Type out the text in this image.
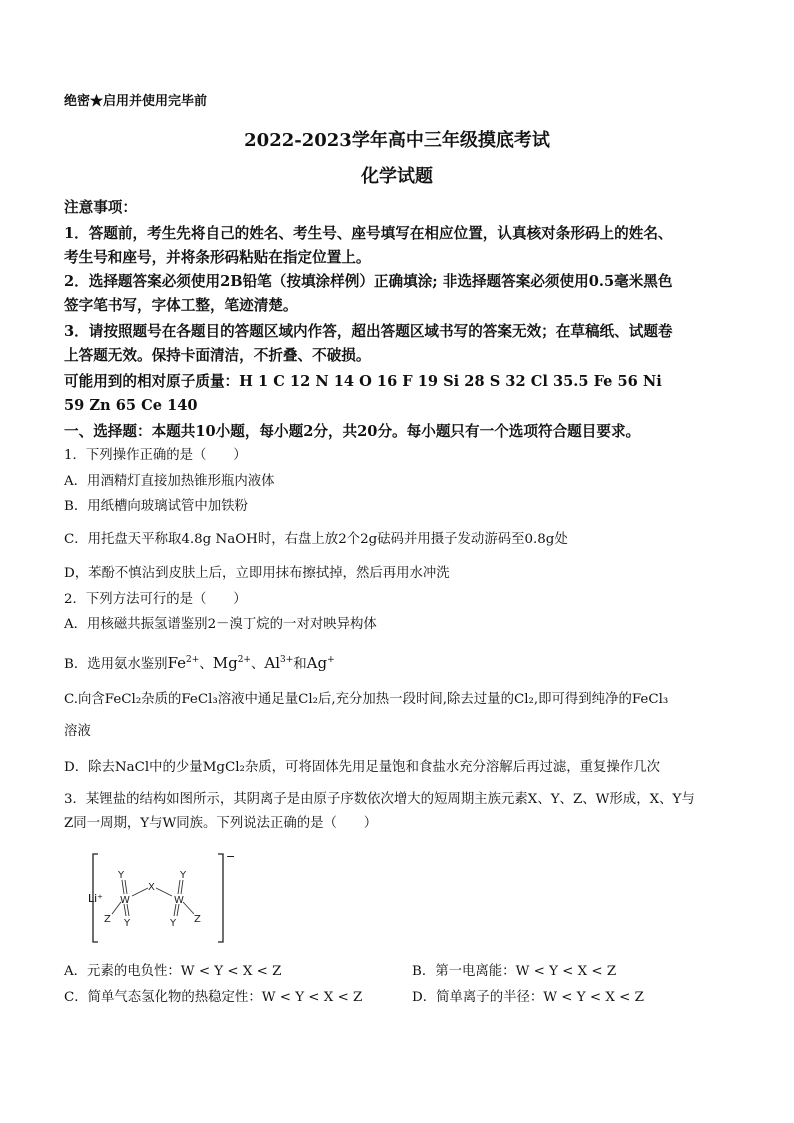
绝密★启用并使用完毕前
2022-2023学年高中三年级摸底考试
化学试题
注意事项：
1．答题前，考生先将自己的姓名、考生号、座号填写在相应位置，认真核对条形码上的姓名、
考生号和座号，并将条形码粘贴在指定位置上。
2．选择题答案必须使用2B铅笔（按填涂样例）正确填涂; 非选择题答案必须使用0.5毫米黑色
签字笔书写，字体工整，笔迹清楚。
3．请按照题号在各题目的答题区域内作答，超出答题区域书写的答案无效；在草稿纸、试题卷
上答题无效。保持卡面清洁，不折叠、不破损。
可能用到的相对原子质量：H 1 C 12 N 14 O 16 F 19 Si 28 S 32 Cl 35.5 Fe 56 Ni
59 Zn 65 Ce 140
一、选择题：本题共10小题，每小题2分，共20分。每小题只有一个选项符合题目要求。
1．下列操作正确的是（　　）
A．用酒精灯直接加热锥形瓶内液体
B．用纸槽向玻璃试管中加铁粉
C．用托盘天平称取4.8g NaOH时，右盘上放2个2g砝码并用摄子发动游码至0.8g处
D，苯酚不慎沾到皮肤上后，立即用抹布擦拭掉，然后再用水冲洗
2．下列方法可行的是（　　）
A．用核磁共振氢谱鉴别2－溴丁烷的一对对映异构体
B．选用氨水鉴别$Fe^{2+}$、$Mg^{2+}$、$Al^{3+}$和Ag+
C.向含FeCl₂杂质的FeCl₃溶液中通足量Cl₂后,充分加热一段时间,除去过量的Cl₂,即可得到纯净的FeCl₃
溶液
D．除去NaCl中的少量MgCl₂杂质，可将固体先用足量饱和食盐水充分溶解后再过滤，重复操作几次
3．某锂盐的结构如图所示，其阴离子是由原子序数依次增大的短周期主族元素X、Y、Z、W形成，X、Y与
Z同一周期，Y与W同族。下列说法正确的是（　　）
Li⁺
−
Y
W
Y
Z
X
Y
W
Y Z
A．元素的电负性：W < Y < X < Z	B．第一电离能：W < Y < X < Z
C．简单气态氢化物的热稳定性：W < Y < X < Z	D．简单离子的半径：W < Y < X < Z
